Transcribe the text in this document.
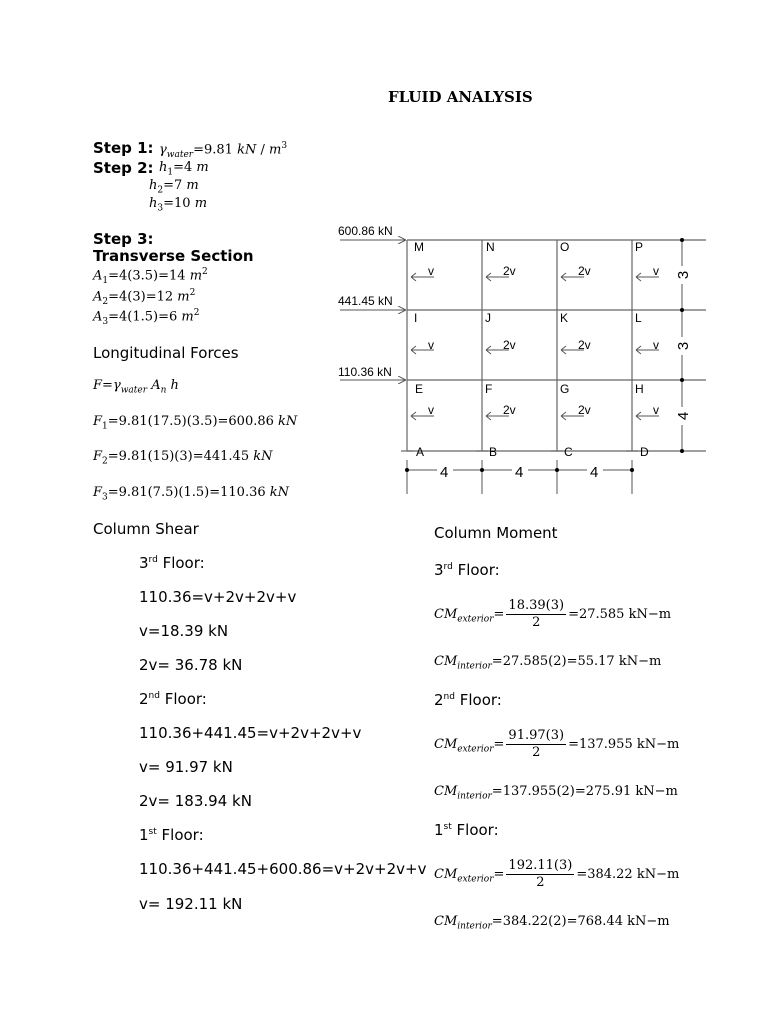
FLUID ANALYSIS
Step 1: $\gamma_{water}=9.81$ kN / $m^3$
Step 2: $h_1=4$ m
$h_2=7$ m
$h_3=10$ m
Step 3:
Transverse Section
$A_1=4(3.5)=14$ $m^2$
$A_2=4(3)=12$ $m^2$
$A_3=4(1.5)=6$ $m^2$
Longitudinal Forces
$F=\gamma_{water}$ $A_n$ h
$F_1=9.81(17.5)(3.5)=600.86$ kN
$F_2=9.81(15)(3)=441.45$ kN
$F_3=9.81(7.5)(1.5)=110.36$ kN
Column Shear
3rd Floor:
110.36=v+2v+2v+v
v=18.39 kN
2v= 36.78 kN
2nd Floor:
110.36+441.45=v+2v+2v+v
v= 91.97 kN
2v= 183.94 kN
1st Floor:
110.36+441.45+600.86=v+2v+2v+v
v= 192.11 kN
Column Moment
3rd Floor:
$CM_{exterior}= \frac{18.39(3)}{2} =27.585$ kN−m
$CM_{interior}=27.585(2)=55.17$ kN−m
2nd Floor:
$CM_{exterior}= \frac{91.97(3)}{2} =137.955$ kN−m
$CM_{interior}=137.955(2)=275.91$ kN−m
1st Floor:
$CM_{exterior}= \frac{192.11(3)}{2} =384.22$ kN−m
$CM_{interior}=384.22(2)=768.44$ kN−m
600.86 kN
441.45 kN
110.36 kN
M	N	O	P
I	J	K	L
E	F	G	H
A	B	C	D
v	2v	2v	v
v	2v	2v	v
v	2v	2v	v
4	4	4
3
3
4
